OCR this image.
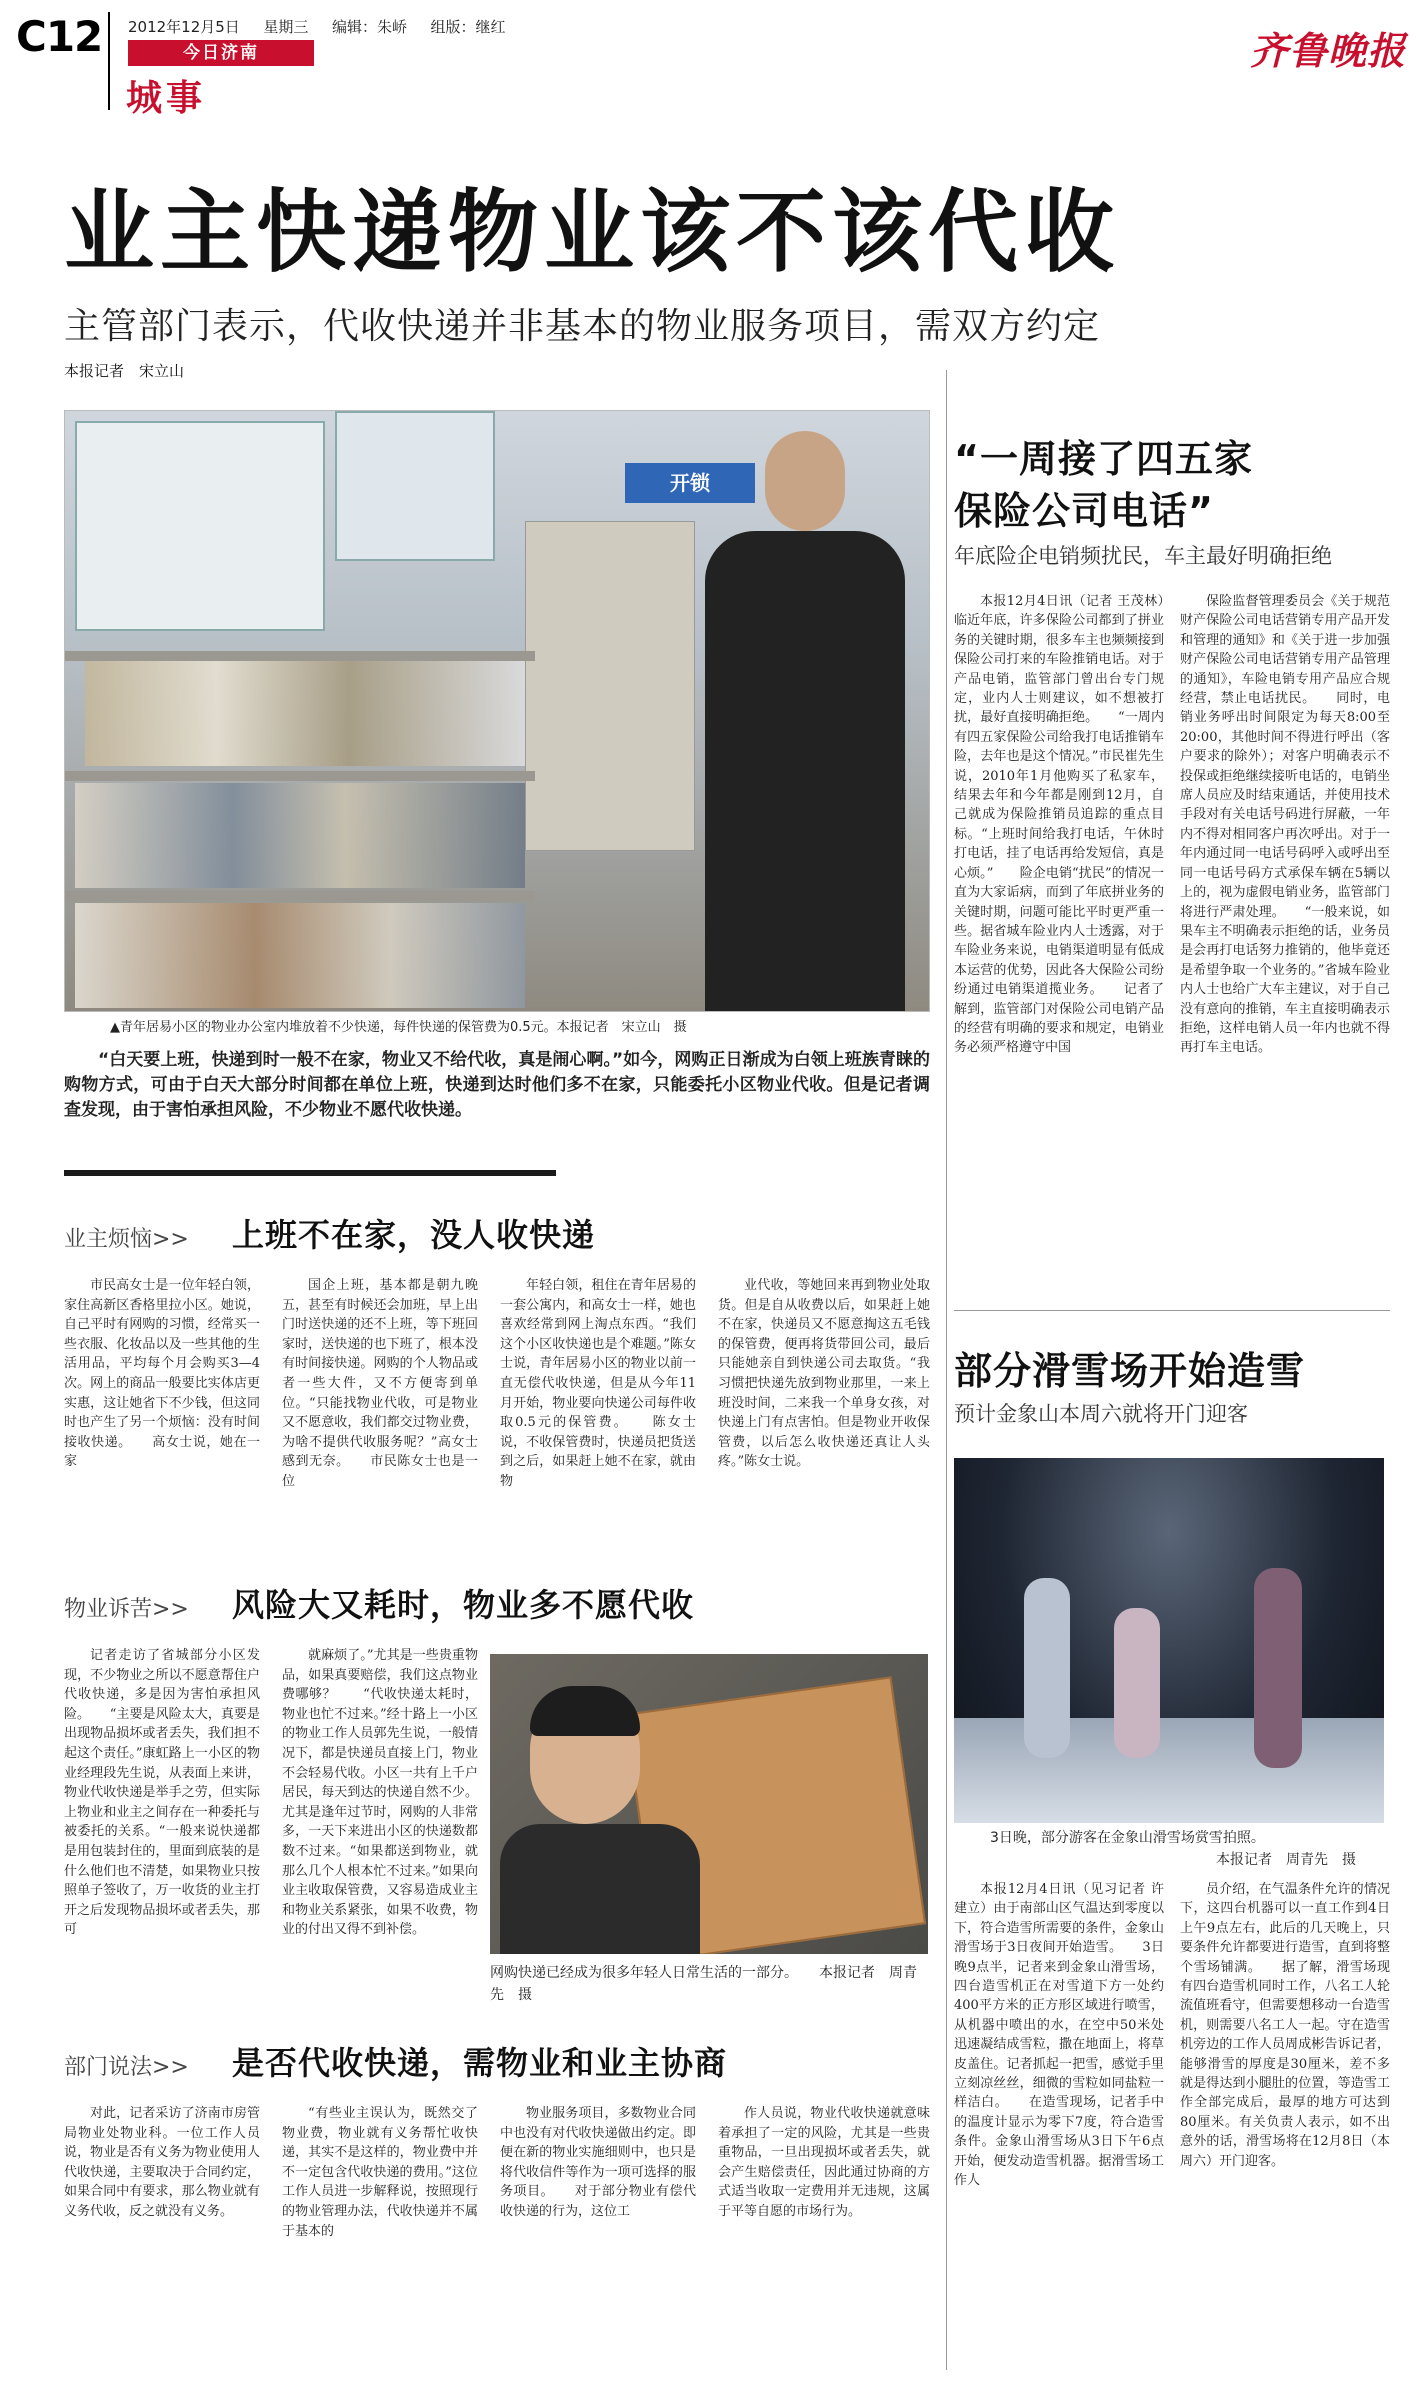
C12 2012年12月5日 星期三 编辑：朱峤 组版：继红
今日济南
城事
齐鲁晚报
业主快递物业该不该代收
主管部门表示，代收快递并非基本的物业服务项目，需双方约定
本报记者　宋立山
开锁
▲青年居易小区的物业办公室内堆放着不少快递，每件快递的保管费为0.5元。本报记者　宋立山　摄
“白天要上班，快递到时一般不在家，物业又不给代收，真是闹心啊。”如今，网购正日渐成为白领上班族青睐的购物方式，可由于白天大部分时间都在单位上班，快递到达时他们多不在家，只能委托小区物业代收。但是记者调查发现，由于害怕承担风险，不少物业不愿代收快递。
业主烦恼>>	上班不在家，没人收快递
市民高女士是一位年轻白领，家住高新区香格里拉小区。她说，自己平时有网购的习惯，经常买一些衣服、化妆品以及一些其他的生活用品，平均每个月会购买3—4次。网上的商品一般要比实体店更实惠，这让她省下不少钱，但这同时也产生了另一个烦恼：没有时间接收快递。　　高女士说，她在一家
国企上班，基本都是朝九晚五，甚至有时候还会加班，早上出门时送快递的还不上班，等下班回家时，送快递的也下班了，根本没有时间接快递。网购的个人物品或者一些大件，又不方便寄到单位。“只能找物业代收，可是物业又不愿意收，我们都交过物业费，为啥不提供代收服务呢？”高女士感到无奈。　　市民陈女士也是一位
年轻白领，租住在青年居易的一套公寓内，和高女士一样，她也喜欢经常到网上淘点东西。“我们这个小区收快递也是个难题。”陈女士说，青年居易小区的物业以前一直无偿代收快递，但是从今年11月开始，物业要向快递公司每件收取0.5元的保管费。　　陈女士说，不收保管费时，快递员把货送到之后，如果赶上她不在家，就由物
业代收，等她回来再到物业处取货。但是自从收费以后，如果赶上她不在家，快递员又不愿意掏这五毛钱的保管费，便再将货带回公司，最后只能她亲自到快递公司去取货。“我习惯把快递先放到物业那里，一来上班没时间，二来我一个单身女孩，对快递上门有点害怕。但是物业开收保管费，以后怎么收快递还真让人头疼。”陈女士说。
物业诉苦>>	风险大又耗时，物业多不愿代收
记者走访了省城部分小区发现，不少物业之所以不愿意帮住户代收快递，多是因为害怕承担风险。　　“主要是风险太大，真要是出现物品损坏或者丢失，我们担不起这个责任。”康虹路上一小区的物业经理段先生说，从表面上来讲，物业代收快递是举手之劳，但实际上物业和业主之间存在一种委托与被委托的关系。“一般来说快递都是用包装封住的，里面到底装的是什么他们也不清楚，如果物业只按照单子签收了，万一收货的业主打开之后发现物品损坏或者丢失，那可
就麻烦了。”尤其是一些贵重物品，如果真要赔偿，我们这点物业费哪够？　　“代收快递太耗时，物业也忙不过来。”经十路上一小区的物业工作人员郭先生说，一般情况下，都是快递员直接上门，物业不会轻易代收。小区一共有上千户居民，每天到达的快递自然不少。尤其是逢年过节时，网购的人非常多，一天下来进出小区的快递数都数不过来。“如果都送到物业，就那么几个人根本忙不过来。”如果向业主收取保管费，又容易造成业主和物业关系紧张，如果不收费，物业的付出又得不到补偿。
网购快递已经成为很多年轻人日常生活的一部分。　　本报记者　周青先　摄
部门说法>>	是否代收快递，需物业和业主协商
对此，记者采访了济南市房管局物业处物业科。一位工作人员说，物业是否有义务为物业使用人代收快递，主要取决于合同约定，如果合同中有要求，那么物业就有义务代收，反之就没有义务。
“有些业主误认为，既然交了物业费，物业就有义务帮忙收快递，其实不是这样的，物业费中并不一定包含代收快递的费用。”这位工作人员进一步解释说，按照现行的物业管理办法，代收快递并不属于基本的
物业服务项目，多数物业合同中也没有对代收快递做出约定。即便在新的物业实施细则中，也只是将代收信件等作为一项可选择的服务项目。　　对于部分物业有偿代收快递的行为，这位工
作人员说，物业代收快递就意味着承担了一定的风险，尤其是一些贵重物品，一旦出现损坏或者丢失，就会产生赔偿责任，因此通过协商的方式适当收取一定费用并无违规，这属于平等自愿的市场行为。
“一周接了四五家
保险公司电话”
年底险企电销频扰民，车主最好明确拒绝
本报12月4日讯（记者 王茂林）临近年底，许多保险公司都到了拼业务的关键时期，很多车主也频频接到保险公司打来的车险推销电话。对于产品电销，监管部门曾出台专门规定，业内人士则建议，如不想被打扰，最好直接明确拒绝。　　“一周内有四五家保险公司给我打电话推销车险，去年也是这个情况。”市民崔先生说，2010年1月他购买了私家车，结果去年和今年都是刚到12月，自己就成为保险推销员追踪的重点目标。“上班时间给我打电话，午休时打电话，挂了电话再给发短信，真是心烦。”　　险企电销“扰民”的情况一直为大家诟病，而到了年底拼业务的关键时期，问题可能比平时更严重一些。据省城车险业内人士透露，对于车险业务来说，电销渠道明显有低成本运营的优势，因此各大保险公司纷纷通过电销渠道揽业务。　　记者了解到，监管部门对保险公司电销产品的经营有明确的要求和规定，电销业务必须严格遵守中国
保险监督管理委员会《关于规范财产保险公司电话营销专用产品开发和管理的通知》和《关于进一步加强财产保险公司电话营销专用产品管理的通知》，车险电销专用产品应合规经营，禁止电话扰民。　　同时，电销业务呼出时间限定为每天8:00至20:00，其他时间不得进行呼出（客户要求的除外）；对客户明确表示不投保或拒绝继续接听电话的，电销坐席人员应及时结束通话，并使用技术手段对有关电话号码进行屏蔽，一年内不得对相同客户再次呼出。对于一年内通过同一电话号码呼入或呼出至同一电话号码方式承保车辆在5辆以上的，视为虚假电销业务，监管部门将进行严肃处理。　　“一般来说，如果车主不明确表示拒绝的话，业务员是会再打电话努力推销的，他毕竟还是希望争取一个业务的。”省城车险业内人士也给广大车主建议，对于自己没有意向的推销，车主直接明确表示拒绝，这样电销人员一年内也就不得再打车主电话。
部分滑雪场开始造雪
预计金象山本周六就将开门迎客
3日晚，部分游客在金象山滑雪场赏雪拍照。
本报记者　周青先　摄
本报12月4日讯（见习记者 许建立）由于南部山区气温达到零度以下，符合造雪所需要的条件，金象山滑雪场于3日夜间开始造雪。　　3日晚9点半，记者来到金象山滑雪场，四台造雪机正在对雪道下方一处约400平方米的正方形区域进行喷雪，从机器中喷出的水，在空中50米处迅速凝结成雪粒，撒在地面上，将草皮盖住。记者抓起一把雪，感觉手里立刻凉丝丝，细微的雪粒如同盐粒一样洁白。　　在造雪现场，记者手中的温度计显示为零下7度，符合造雪条件。金象山滑雪场从3日下午6点开始，便发动造雪机器。据滑雪场工作人
员介绍，在气温条件允许的情况下，这四台机器可以一直工作到4日上午9点左右，此后的几天晚上，只要条件允许都要进行造雪，直到将整个雪场铺满。　　据了解，滑雪场现有四台造雪机同时工作，八名工人轮流值班看守，但需要想移动一台造雪机，则需要八名工人一起。守在造雪机旁边的工作人员周成彬告诉记者，能够滑雪的厚度是30厘米，差不多就是得达到小腿肚的位置，等造雪工作全部完成后，最厚的地方可达到80厘米。有关负责人表示，如不出意外的话，滑雪场将在12月8日（本周六）开门迎客。
